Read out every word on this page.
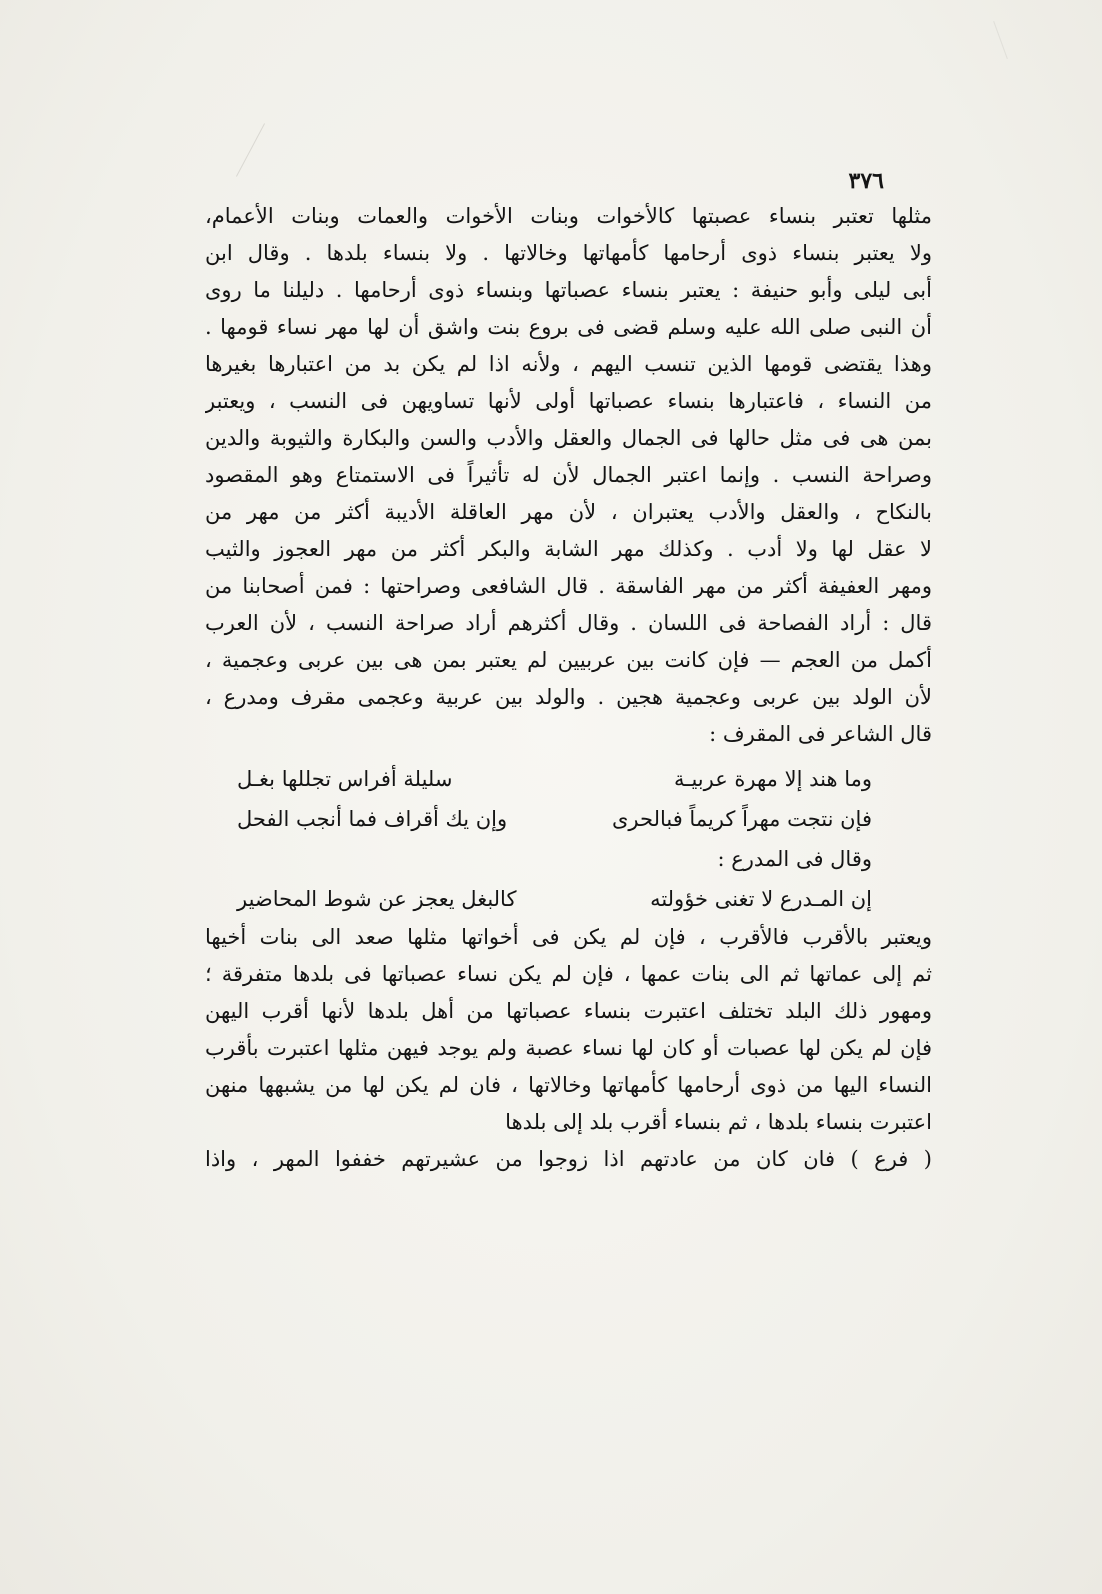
٣٧٦
مثلها تعتبر بنساء عصبتها كالأخوات وبنات الأخوات والعمات وبنات الأعمام،
ولا يعتبر بنساء ذوى أرحامها كأمهاتها وخالاتها . ولا بنساء بلدها . وقال ابن
أبى ليلى وأبو حنيفة : يعتبر بنساء عصباتها وبنساء ذوى أرحامها . دليلنا ما روى
أن النبى صلى الله عليه وسلم قضى فى بروع بنت واشق أن لها مهر نساء قومها .
وهذا يقتضى قومها الذين تنسب اليهم ، ولأنه اذا لم يكن بد من اعتبارها بغيرها
من النساء ، فاعتبارها بنساء عصباتها أولى لأنها تساويهن فى النسب ، ويعتبر
بمن هى فى مثل حالها فى الجمال والعقل والأدب والسن والبكارة والثيوبة والدين
وصراحة النسب . وإنما اعتبر الجمال لأن له تأثيراً فى الاستمتاع وهو المقصود
بالنكاح ، والعقل والأدب يعتبران ، لأن مهر العاقلة الأديبة أكثر من مهر من
لا عقل لها ولا أدب . وكذلك مهر الشابة والبكر أكثر من مهر العجوز والثيب
ومهر العفيفة أكثر من مهر الفاسقة . قال الشافعى وصراحتها : فمن أصحابنا من
قال : أراد الفصاحة فى اللسان . وقال أكثرهم أراد صراحة النسب ، لأن العرب
أكمل من العجم — فإن كانت بين عربيين لم يعتبر بمن هى بين عربى وعجمية ،
لأن الولد بين عربى وعجمية هجين . والولد بين عربية وعجمى مقرف ومدرع ،
قال الشاعر فى المقرف :
وما هند إلا مهرة عربيـة
سليلة أفراس تجللها بغـل
فإن نتجت مهراً كريماً فبالحرى
وإن يك أقراف فما أنجب الفحل
وقال فى المدرع :
إن المـدرع لا تغنى خؤولته
كالبغل يعجز عن شوط المحاضير
ويعتبر بالأقرب فالأقرب ، فإن لم يكن فى أخواتها مثلها صعد الى بنات أخيها
ثم إلى عماتها ثم الى بنات عمها ، فإن لم يكن نساء عصباتها فى بلدها متفرقة ؛
ومهور ذلك البلد تختلف اعتبرت بنساء عصباتها من أهل بلدها لأنها أقرب اليهن
فإن لم يكن لها عصبات أو كان لها نساء عصبة ولم يوجد فيهن مثلها اعتبرت بأقرب
النساء اليها من ذوى أرحامها كأمهاتها وخالاتها ، فان لم يكن لها من يشبهها منهن
اعتبرت بنساء بلدها ، ثم بنساء أقرب بلد إلى بلدها
( فرع ) فان كان من عادتهم اذا زوجوا من عشيرتهم خففوا المهر ، واذا
